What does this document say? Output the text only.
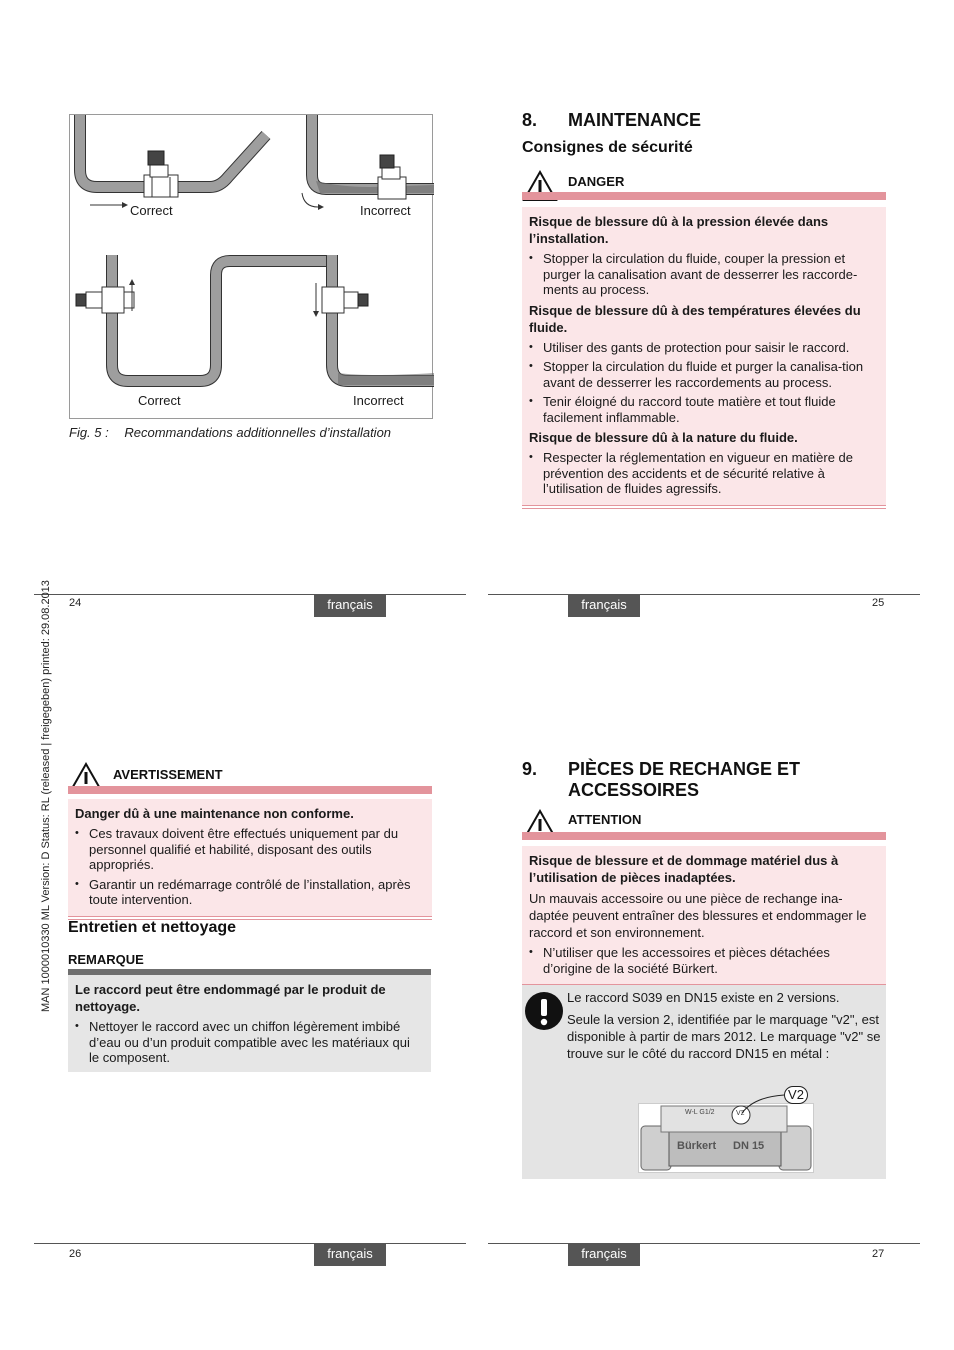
Correct	Incorrect
Correct	Incorrect
Fig. 5 : Recommandations additionnelles d’installation
8. MAINTENANCE
Consignes de sécurité
DANGER
Risque de blessure dû à la pression élevée dans l’installation.
• Stopper la circulation du fluide, couper la pression et purger la canalisation avant de desserrer les raccorde-ments au process.
Risque de blessure dû à des températures élevées du fluide.
• Utiliser des gants de protection pour saisir le raccord.
• Stopper la circulation du fluide et purger la canalisa-tion avant de desserrer les raccordements au process.
• Tenir éloigné du raccord toute matière et tout fluide facilement inflammable.
Risque de blessure dû à la nature du fluide.
• Respecter la réglementation en vigueur en matière de prévention des accidents et de sécurité relative à l’utilisation de fluides agressifs.
24	français	français	25
MAN 1000010330 ML Version: D Status: RL (released | freigegeben) printed: 29.08.2013	AVERTISSEMENT
Danger dû à une maintenance non conforme.
• Ces travaux doivent être effectués uniquement par du personnel qualifié et habilité, disposant des outils appropriés.
• Garantir un redémarrage contrôlé de l’installation, après toute intervention.
Entretien et nettoyage
REMARQUE
Le raccord peut être endommagé par le produit de nettoyage.
• Nettoyer le raccord avec un chiffon légèrement imbibé d’eau ou d’un produit compatible avec les matériaux qui le composent.
9. PIÈCES DE RECHANGE ET
ACCESSOIRES
ATTENTION
Risque de blessure et de dommage matériel dus à l’utilisation de pièces inadaptées.

Un mauvais accessoire ou une pièce de rechange ina-daptée peuvent entraîner des blessures et endommager le raccord et son environnement.

• N’utiliser que les accessoires et pièces détachées d’origine de la société Bürkert.

Le raccord S039 en DN15 existe en 2 versions.

Seule la version 2, identifiée par le marquage "v2", est disponible à partir de mars 2012. Le marquage "v2" se trouve sur le côté du raccord DN15 en métal :

W-L G1/2	V2
Bürkert DN 15
V2
26	français	français	27
